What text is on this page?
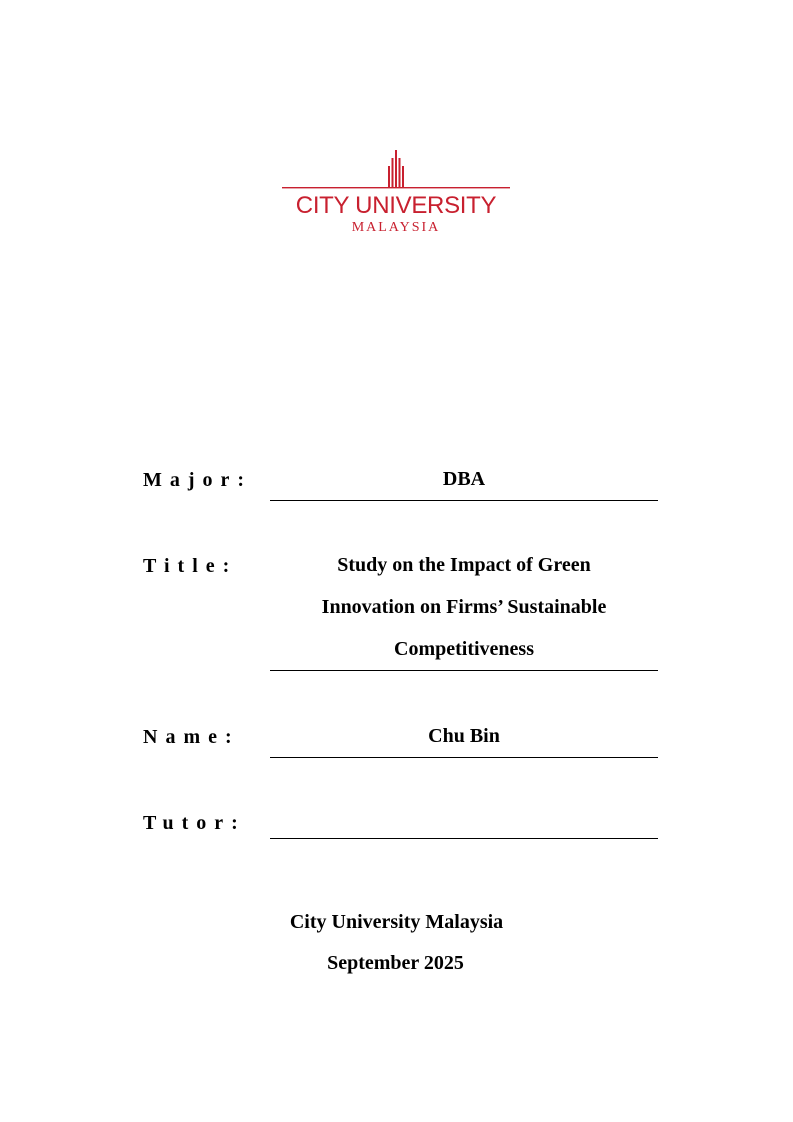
CITY UNIVERSITY
MALAYSIA
Major:	DBA
Title:	Study on the Impact of Green
Innovation on Firms’ Sustainable
Competitiveness
Name:	Chu Bin
Tutor:
City University Malaysia
September 2025
